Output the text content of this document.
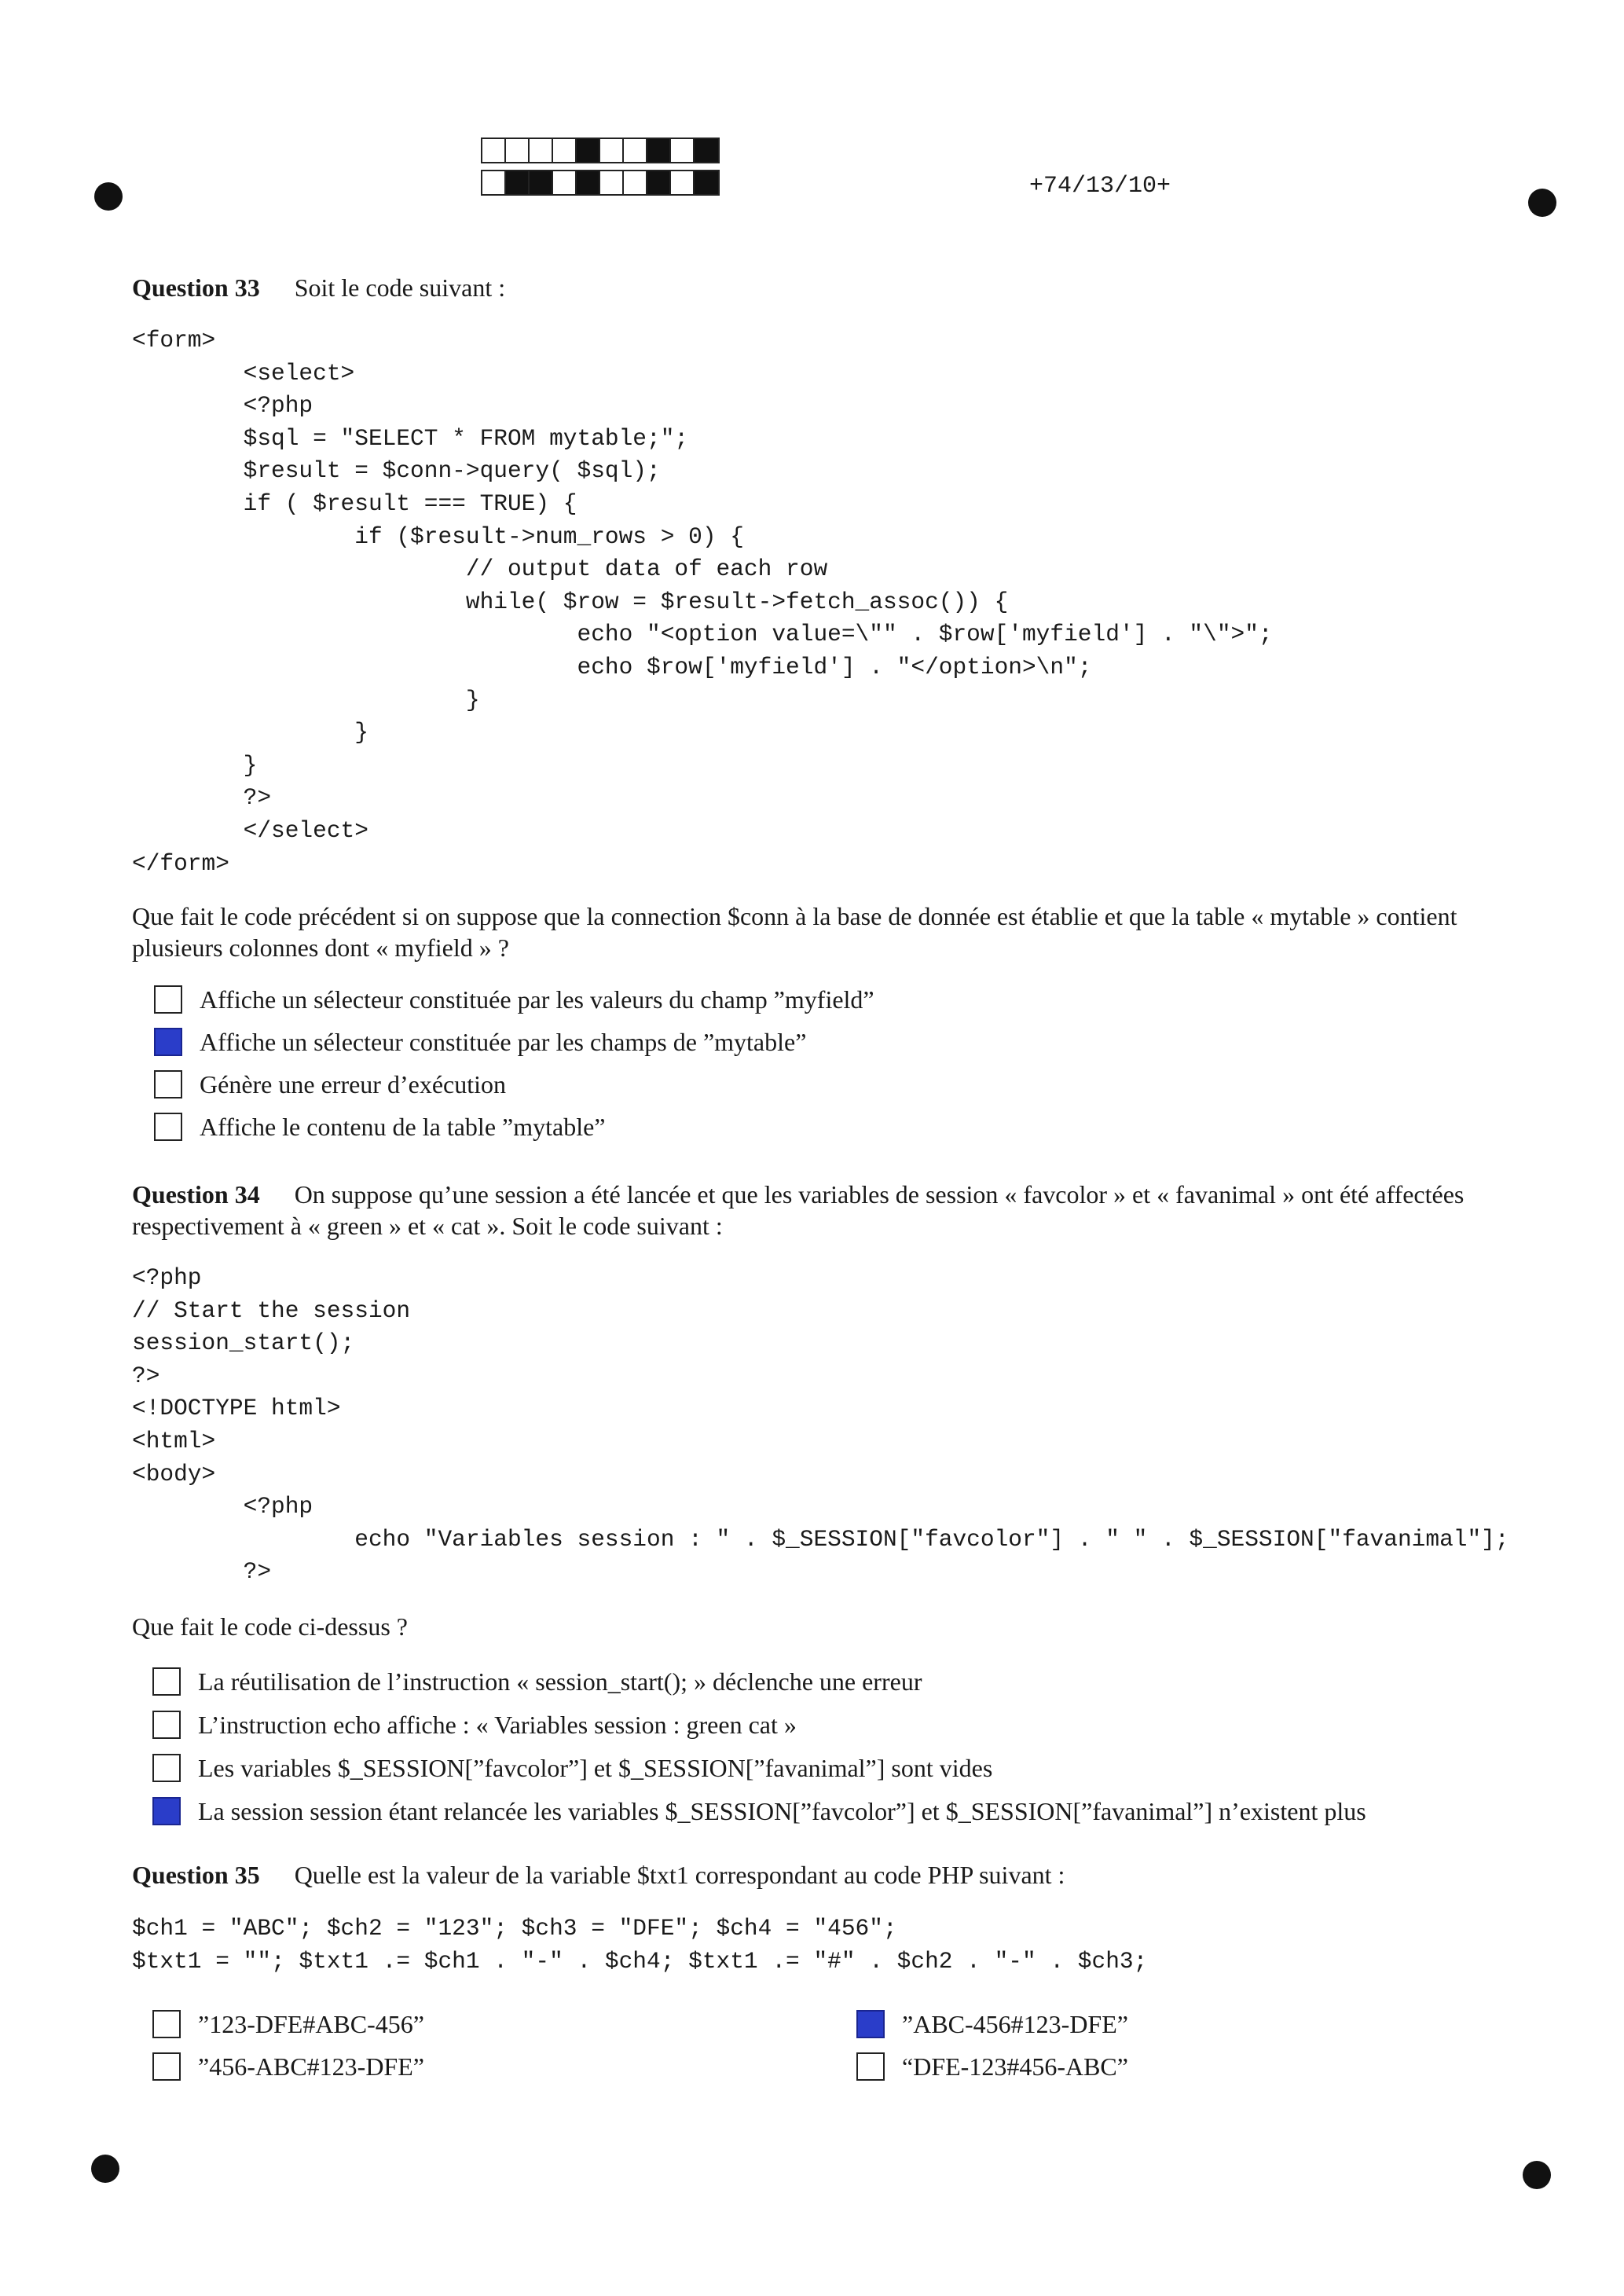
+74/13/10+
Question 33 Soit le code suivant :
<form>
<select>
<?php
$sql = "SELECT * FROM mytable;";
$result = $conn->query( $sql);
if ( $result === TRUE) {
if ($result->num_rows > 0) {
// output data of each row
while( $row = $result->fetch_assoc()) {
echo "<option value=\"" . $row['myfield'] . "\">";
echo $row['myfield'] . "</option>\n";
}
}
}
?>
</select>
</form>
Que fait le code précédent si on suppose que la connection $conn à la base de donnée est établie et que la table « mytable » contient plusieurs colonnes dont « myfield » ?
Affiche un sélecteur constituée par les valeurs du champ ”myfield”
Affiche un sélecteur constituée par les champs de ”mytable”
Génère une erreur d’exécution
Affiche le contenu de la table ”mytable”
Question 34 On suppose qu’une session a été lancée et que les variables de session « favcolor » et « favanimal » ont été affectées respectivement à « green » et « cat ». Soit le code suivant :
<?php
// Start the session
session_start();
?>
<!DOCTYPE html>
<html>
<body>
<?php
echo "Variables session : " . $_SESSION["favcolor"] . " " . $_SESSION["favanimal"];
?>
Que fait le code ci-dessus ?
La réutilisation de l’instruction « session_start(); » déclenche une erreur
L’instruction echo affiche : « Variables session : green cat »
Les variables $_SESSION[”favcolor”] et $_SESSION[”favanimal”] sont vides
La session session étant relancée les variables $_SESSION[”favcolor”] et $_SESSION[”favanimal”] n’existent plus
Question 35 Quelle est la valeur de la variable $txt1 correspondant au code PHP suivant :
$ch1 = "ABC"; $ch2 = "123"; $ch3 = "DFE"; $ch4 = "456";
$txt1 = ""; $txt1 .= $ch1 . "-" . $ch4; $txt1 .= "#" . $ch2 . "-" . $ch3;
”123-DFE#ABC-456”
”456-ABC#123-DFE”
”ABC-456#123-DFE”
“DFE-123#456-ABC”
